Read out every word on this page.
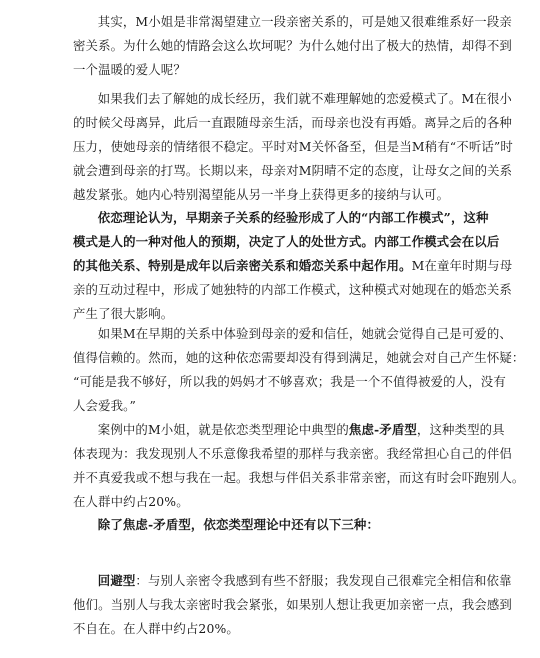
其实，M小姐是非常渴望建立一段亲密关系的，可是她又很难维系好一段亲
密关系。为什么她的情路会这么坎坷呢？为什么她付出了极大的热情，却得不到
一个温暖的爱人呢？

如果我们去了解她的成长经历，我们就不难理解她的恋爱模式了。M在很小
的时候父母离异，此后一直跟随母亲生活，而母亲也没有再婚。离异之后的各种
压力，使她母亲的情绪很不稳定。平时对M关怀备至，但是当M稍有“不听话”时
就会遭到母亲的打骂。长期以来，母亲对M阴晴不定的态度，让母女之间的关系
越发紧张。她内心特别渴望能从另一半身上获得更多的接纳与认可。

依恋理论认为，早期亲子关系的经验形成了人的“内部工作模式”，这种
模式是人的一种对他人的预期，决定了人的处世方式。内部工作模式会在以后
的其他关系、特别是成年以后亲密关系和婚恋关系中起作用。M在童年时期与母
亲的互动过程中，形成了她独特的内部工作模式，这种模式对她现在的婚恋关系
产生了很大影响。

如果M在早期的关系中体验到母亲的爱和信任，她就会觉得自己是可爱的、
值得信赖的。然而，她的这种依恋需要却没有得到满足，她就会对自己产生怀疑：
“可能是我不够好，所以我的妈妈才不够喜欢；我是一个不值得被爱的人，没有
人会爱我。”

案例中的M小姐，就是依恋类型理论中典型的焦虑-矛盾型，这种类型的具
体表现为：我发现别人不乐意像我希望的那样与我亲密。我经常担心自己的伴侣
并不真爱我或不想与我在一起。我想与伴侣关系非常亲密，而这有时会吓跑别人。
在人群中约占20%。

除了焦虑-矛盾型，依恋类型理论中还有以下三种：

回避型：与别人亲密令我感到有些不舒服；我发现自己很难完全相信和依靠
他们。当别人与我太亲密时我会紧张，如果别人想让我更加亲密一点，我会感到
不自在。在人群中约占20%。
